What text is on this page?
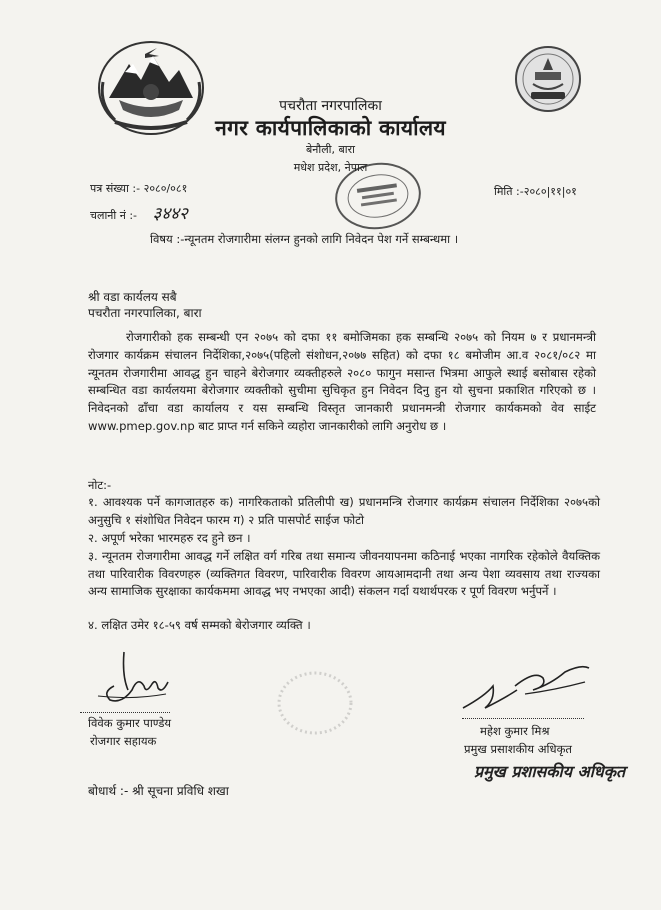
पचरौता नगरपालिका
नगर कार्यपालिकाको कार्यालय
बेनौली, बारा
मधेश प्रदेश, नेपाल
पत्र संख्या :- २०८०/०८१
चलानी नं :- ३४४२
मिति :-२०८०|११|०१
विषय :-न्यूनतम रोजगारीमा संलग्न हुनको लागि निवेदन पेश गर्ने सम्बन्धमा ।
श्री वडा कार्यलय सबै
पचरौता नगरपालिका, बारा
रोजगारीको हक सम्बन्धी एन २०७५ को दफा ११ बमोजिमका हक सम्बन्धि २०७५ को नियम ७ र प्रधानमन्त्री रोजगार कार्यक्रम संचालन निर्देशिका,२०७५(पहिलो संशोधन,२०७७ सहित) को दफा १८ बमोजीम आ.व २०८१/०८२ मा न्यूनतम रोजगारीमा आवद्ध हुन चाहने बेरोजगार व्यक्तीहरुले २०८० फागुन मसान्त भित्रमा आफुले स्थाई बसोबास रहेको सम्बन्धित वडा कार्यलयमा बेरोजगार व्यक्तीको सुचीमा सुचिकृत हुन निवेदन दिनु हुन यो सुचना प्रकाशित गरिएको छ । निवेदनको ढाँचा वडा कार्यालय र यस सम्बन्धि विस्तृत जानकारी प्रधानमन्त्री रोजगार कार्यकमको वेव साईट www.pmep.gov.np बाट प्राप्त गर्न सकिने व्यहोरा जानकारीको लागि अनुरोध छ ।
नोट:-
१. आवश्यक पर्ने कागजातहरु क) नागरिकताको प्रतिलीपी ख) प्रधानमन्त्रि रोजगार कार्यक्रम संचालन निर्देशिका २०७५को अनुसुचि १ संशोधित निवेदन फारम ग) २ प्रति पासपोर्ट साईज फोटो
२. अपूर्ण भरेका भारमहरु रद हुने छन ।
३. न्यूनतम रोजगारीमा आवद्ध गर्ने लक्षित वर्ग गरिब तथा समान्य जीवनयापनमा कठिनाई भएका नागरिक रहेकोले वैयक्तिक तथा पारिवारीक विवरणहरु (व्यक्तिगत विवरण, पारिवारीक विवरण आयआमदानी तथा अन्य पेशा व्यवसाय तथा राज्यका अन्य सामाजिक सुरक्षाका कार्यकममा आवद्ध भए नभएका आदी) संकलन गर्दा यथार्थपरक र पूर्ण विवरण भर्नुपर्ने ।
४. लक्षित उमेर १८-५९ वर्ष सम्मको बेरोजगार व्यक्ति ।
विवेक कुमार पाण्डेय
रोजगार सहायक
महेश कुमार मिश्र
प्रमुख प्रसाशकीय अधिकृत
प्रमुख प्रशासकीय अधिकृत
बोधार्थ :- श्री सूचना प्रविधि शखा
